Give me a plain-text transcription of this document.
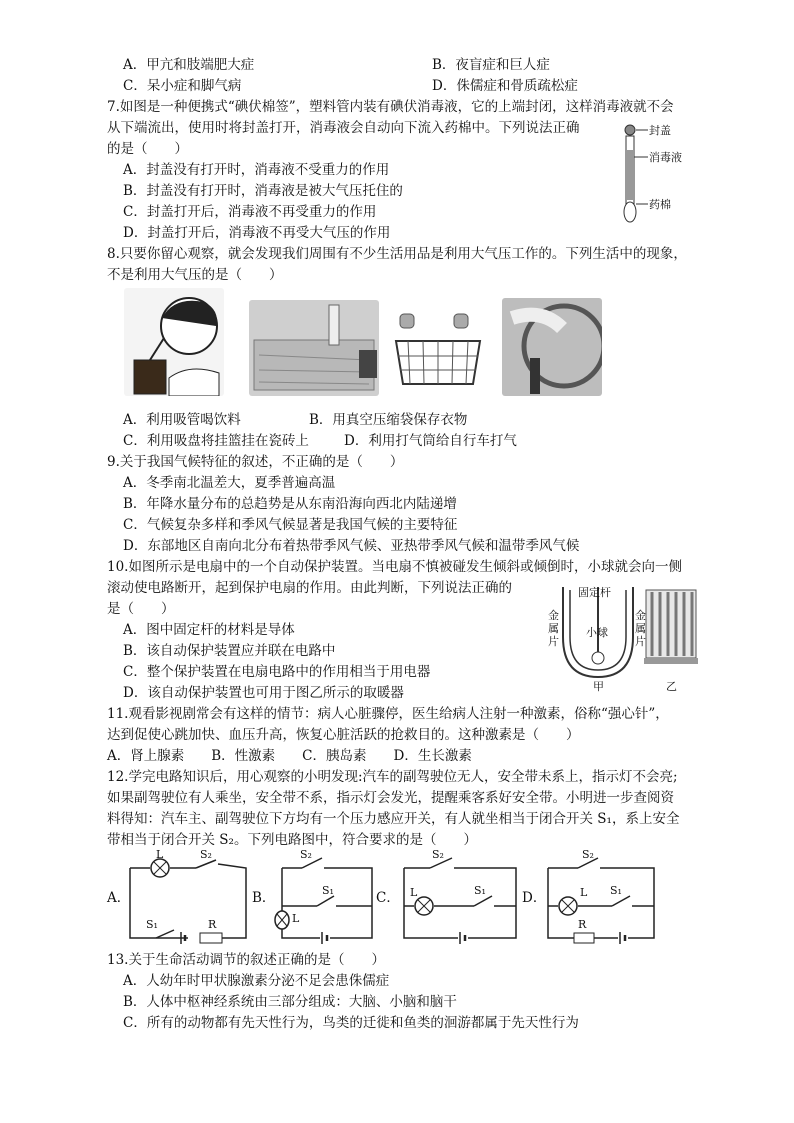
A．甲亢和肢端肥大症	B．夜盲症和巨人症
C．呆小症和脚气病	D．侏儒症和骨质疏松症
7.如图是一种便携式“碘伏棉签”，塑料管内装有碘伏消毒液，它的上端封闭，这样消毒液就不会
从下端流出，使用时将封盖打开，消毒液会自动向下流入药棉中。下列说法正确
的是（　　）
A．封盖没有打开时，消毒液不受重力的作用
B．封盖没有打开时，消毒液是被大气压托住的
C．封盖打开后，消毒液不再受重力的作用
D．封盖打开后，消毒液不再受大气压的作用
封盖
消毒液
药棉
8.只要你留心观察，就会发现我们周围有不少生活用品是利用大气压工作的。下列生活中的现象，
不是利用大气压的是（　　）
A．利用吸管喝饮料	B．用真空压缩袋保存衣物
C．利用吸盘将挂篮挂在瓷砖上	D．利用打气筒给自行车打气
9.关于我国气候特征的叙述，不正确的是（　　）
A．冬季南北温差大，夏季普遍高温
B．年降水量分布的总趋势是从东南沿海向西北内陆递增
C．气候复杂多样和季风气候显著是我国气候的主要特征
D．东部地区自南向北分布着热带季风气候、亚热带季风气候和温带季风气候
10.如图所示是电扇中的一个自动保护装置。当电扇不慎被碰发生倾斜或倾倒时，小球就会向一侧
滚动使电路断开，起到保护电扇的作用。由此判断，下列说法正确的
是（　　）
A．图中固定杆的材料是导体
B．该自动保护装置应并联在电路中
C．整个保护装置在电扇电路中的作用相当于用电器
D．该自动保护装置也可用于图乙所示的取暖器
固定杆
金
属
片
金
属
片
小球
甲	乙
11.观看影视剧常会有这样的情节：病人心脏骤停，医生给病人注射一种激素，俗称“强心针”，
达到促使心跳加快、血压升高，恢复心脏活跃的抢救目的。这种激素是（　　）
A．肾上腺素　　B．性激素　　C．胰岛素　　D．生长激素
12.学完电路知识后，用心观察的小明发现:汽车的副驾驶位无人，安全带未系上，指示灯不会亮;
如果副驾驶位有人乘坐，安全带不系，指示灯会发光，提醒乘客系好安全带。小明进一步查阅资
料得知：汽车主、副驾驶位下方均有一个压力感应开关，有人就坐相当于闭合开关 S₁，系上安全
带相当于闭合开关 S₂。下列电路图中，符合要求的是（　　）
A．
L	S₂
S₁	R
B．
S₂
S₁
L
C．
S₂
L	S₁	D．
S₂
L S₁
R
13.关于生命活动调节的叙述正确的是（　　）
A．人幼年时甲状腺激素分泌不足会患侏儒症
B．人体中枢神经系统由三部分组成：大脑、小脑和脑干
C．所有的动物都有先天性行为，鸟类的迁徙和鱼类的洄游都属于先天性行为
